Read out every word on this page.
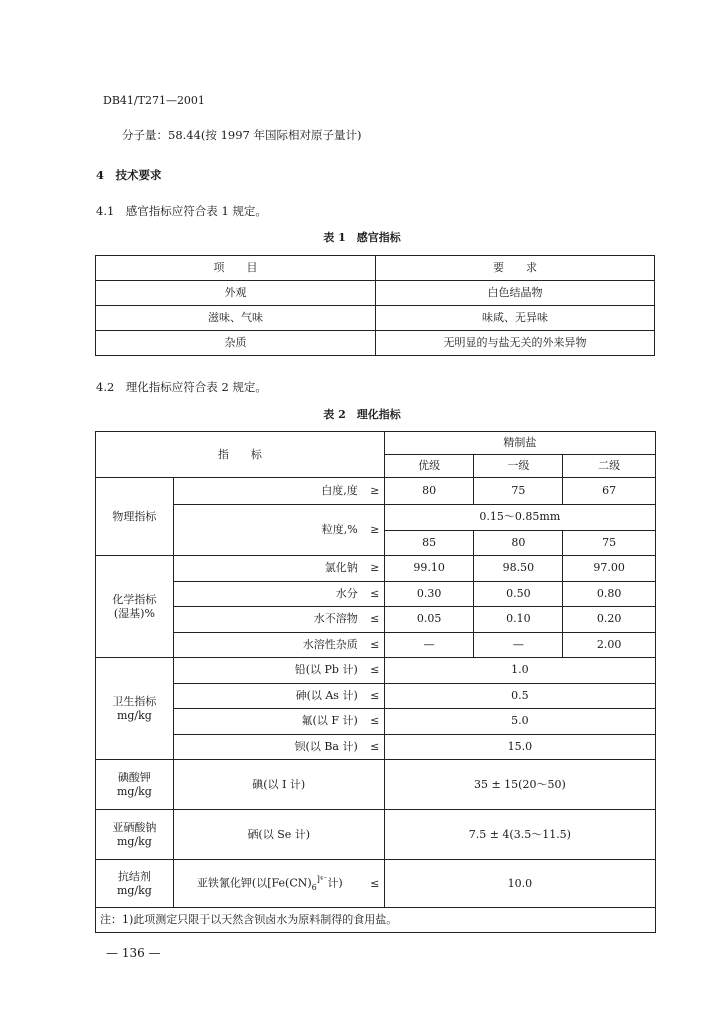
DB41/T271—2001
分子量：58.44(按 1997 年国际相对原子量计)
4　技术要求
4.1　感官指标应符合表 1 规定。
表 1　感官指标
项　　目	要　　求
外观	白色结晶物
滋味、气味	味咸、无异味
杂质	无明显的与盐无关的外来异物
4.2　理化指标应符合表 2 规定。
表 2　理化指标
指　　标			精制盐		
			优级	一级	二级
物理指标	白度,度	≥	80	75	67
	粒度,%	≥	0.15～0.85mm		
			85	80	75
化学指标
(湿基)%	氯化钠	≥	99.10	98.50	97.00
	水分	≤	0.30	0.50	0.80
	水不溶物	≤	0.05	0.10	0.20
	水溶性杂质	≤	—	—	2.00
卫生指标
mg/kg	铅(以 Pb 计)	≤	1.0		
	砷(以 As 计)	≤	0.5		
	氟(以 F 计)	≤	5.0		
	钡(以 Ba 计)	≤	15.0		
碘酸钾
mg/kg	碘(以 I 计)		35 ± 15(20～50)		
亚硒酸钠
mg/kg	硒(以 Se 计)		7.5 ± 4(3.5～11.5)		
抗结剂
mg/kg	亚铁氰化钾(以[$Fe(CN)_6^{]^{4-}}$计)	≤	10.0		
注：1)此项测定只限于以天然含钡卤水为原料制得的食用盐。					
— 136 —
